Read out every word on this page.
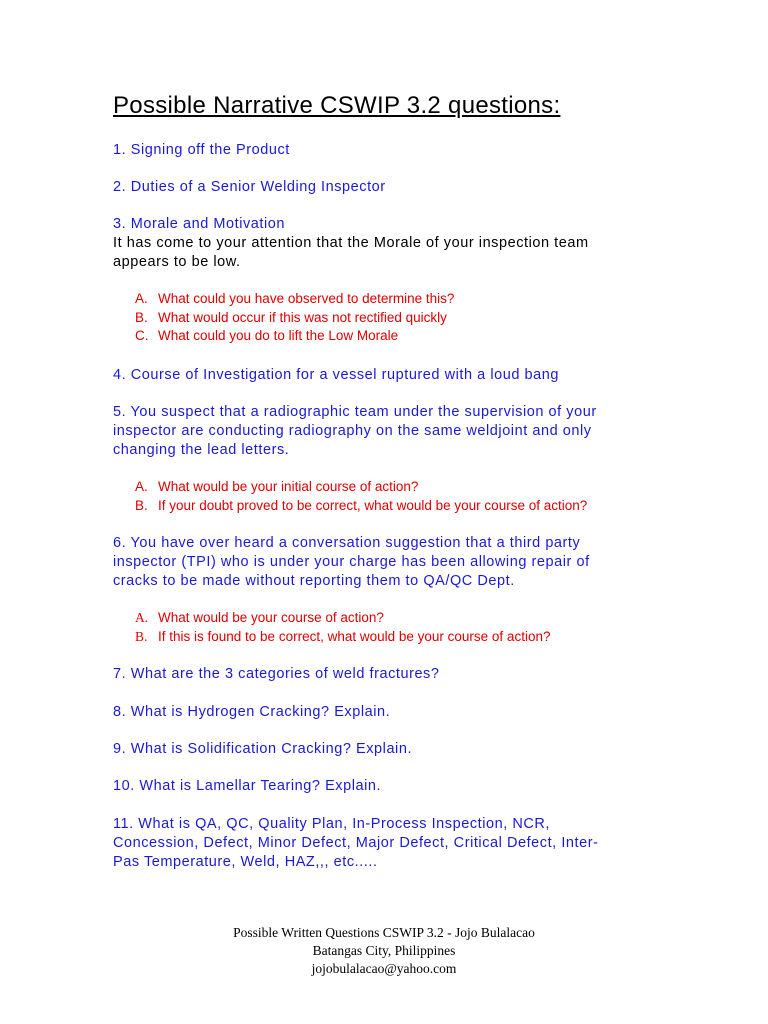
Possible Narrative CSWIP 3.2 questions:
1. Signing off the Product
2. Duties of a Senior Welding Inspector
3. Morale and Motivation
It has come to your attention that the Morale of your inspection team
appears to be low.
A. What could you have observed to determine this?
B. What would occur if this was not rectified quickly
C. What could you do to lift the Low Morale
4. Course of Investigation for a vessel ruptured with a loud bang
5. You suspect that a radiographic team under the supervision of your
inspector are conducting radiography on the same weldjoint and only
changing the lead letters.
A. What would be your initial course of action?
B. If your doubt proved to be correct, what would be your course of action?
6. You have over heard a conversation suggestion that a third party
inspector (TPI) who is under your charge has been allowing repair of
cracks to be made without reporting them to QA/QC Dept.
A. What would be your course of action?
B. If this is found to be correct, what would be your course of action?
7. What are the 3 categories of weld fractures?
8. What is Hydrogen Cracking? Explain.
9. What is Solidification Cracking? Explain.
10. What is Lamellar Tearing? Explain.
11. What is QA, QC, Quality Plan, In-Process Inspection, NCR,
Concession, Defect, Minor Defect, Major Defect, Critical Defect, Inter-
Pas Temperature, Weld, HAZ,,, etc.....
Possible Written Questions CSWIP 3.2 - Jojo Bulalacao
Batangas City, Philippines
jojobulalacao@yahoo.com
